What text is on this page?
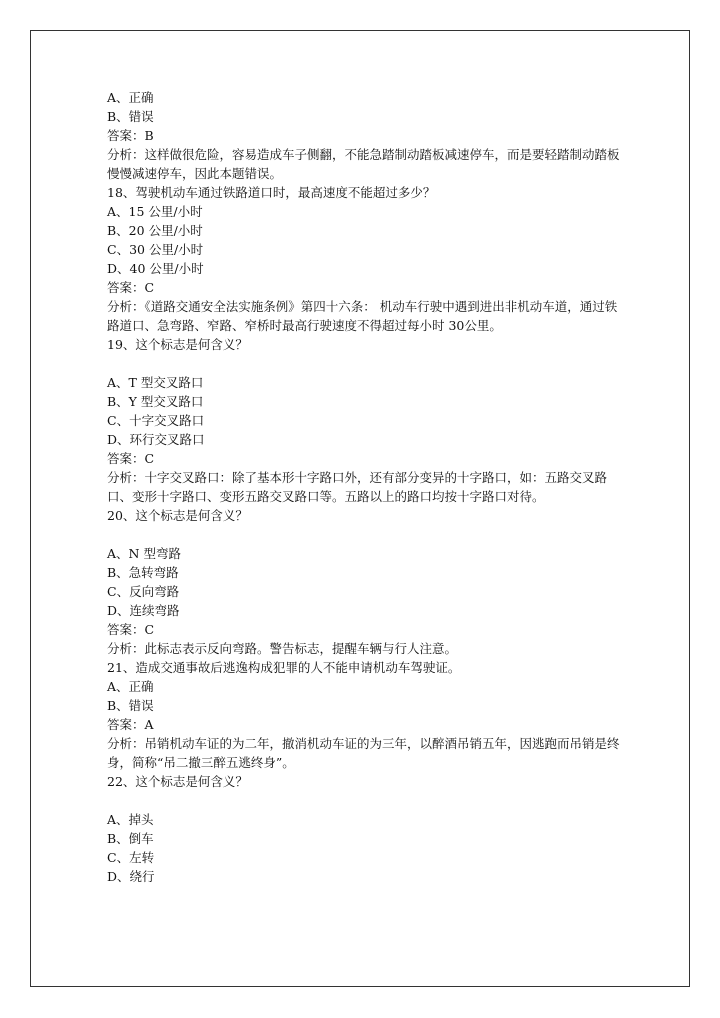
A、正确
B、错误
答案：B
分析：这样做很危险，容易造成车子侧翻，不能急踏制动踏板减速停车，而是要轻踏制动踏板慢慢减速停车，因此本题错误。
18、驾驶机动车通过铁路道口时，最高速度不能超过多少？
A、15 公里/小时
B、20 公里/小时
C、30 公里/小时
D、40 公里/小时
答案：C
分析：《道路交通安全法实施条例》第四十六条： 机动车行驶中遇到进出非机动车道，通过铁路道口、急弯路、窄路、窄桥时最高行驶速度不得超过每小时 30公里。
19、这个标志是何含义？
A、T 型交叉路口
B、Y 型交叉路口
C、十字交叉路口
D、环行交叉路口
答案：C
分析：十字交叉路口：除了基本形十字路口外，还有部分变异的十字路口，如：五路交叉路口、变形十字路口、变形五路交叉路口等。五路以上的路口均按十字路口对待。
20、这个标志是何含义？
A、N 型弯路
B、急转弯路
C、反向弯路
D、连续弯路
答案：C
分析：此标志表示反向弯路。警告标志，提醒车辆与行人注意。
21、造成交通事故后逃逸构成犯罪的人不能申请机动车驾驶证。
A、正确
B、错误
答案：A
分析：吊销机动车证的为二年，撤消机动车证的为三年，以醉酒吊销五年，因逃跑而吊销是终身，简称“吊二撤三醉五逃终身”。
22、这个标志是何含义？
A、掉头
B、倒车
C、左转
D、绕行
